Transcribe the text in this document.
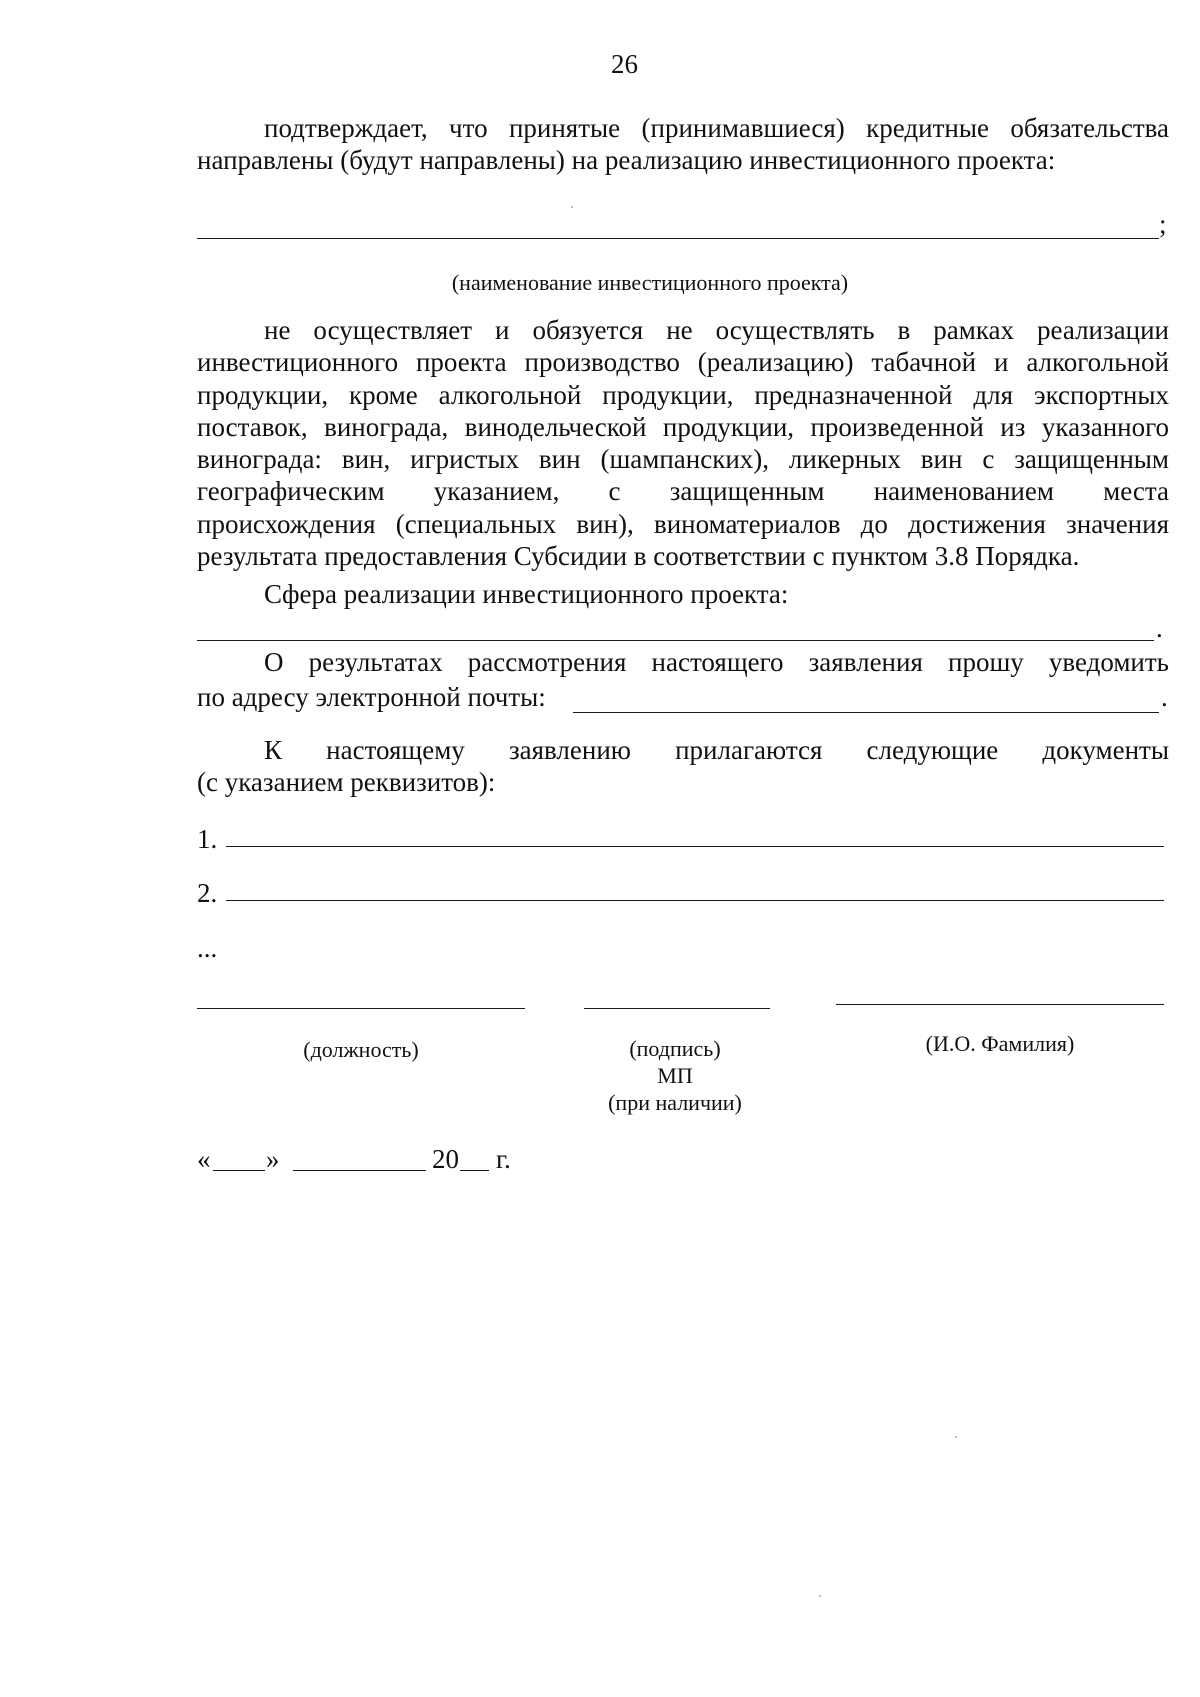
26
подтверждает, что принятые (принимавшиеся) кредитные обязательства
направлены (будут направлены) на реализацию инвестиционного проекта:
;
(наименование инвестиционного проекта)
не осуществляет и обязуется не осуществлять в рамках реализации
инвестиционного проекта производство (реализацию) табачной и алкогольной
продукции, кроме алкогольной продукции, предназначенной для экспортных
поставок, винограда, винодельческой продукции, произведенной из указанного
винограда: вин, игристых вин (шампанских), ликерных вин с защищенным
географическим указанием, с защищенным наименованием места
происхождения (специальных вин), виноматериалов до достижения значения
результата предоставления Субсидии в соответствии с пунктом 3.8 Порядка.
Сфера реализации инвестиционного проекта:
.
О результатах рассмотрения настоящего заявления прошу уведомить
по адресу электронной почты:	.
К настоящему заявлению прилагаются следующие документы
(с указанием реквизитов):
1.
2.
...
(должность)	(подпись)
МП
(при наличии)
(И.О. Фамилия)
« »	20 г.
